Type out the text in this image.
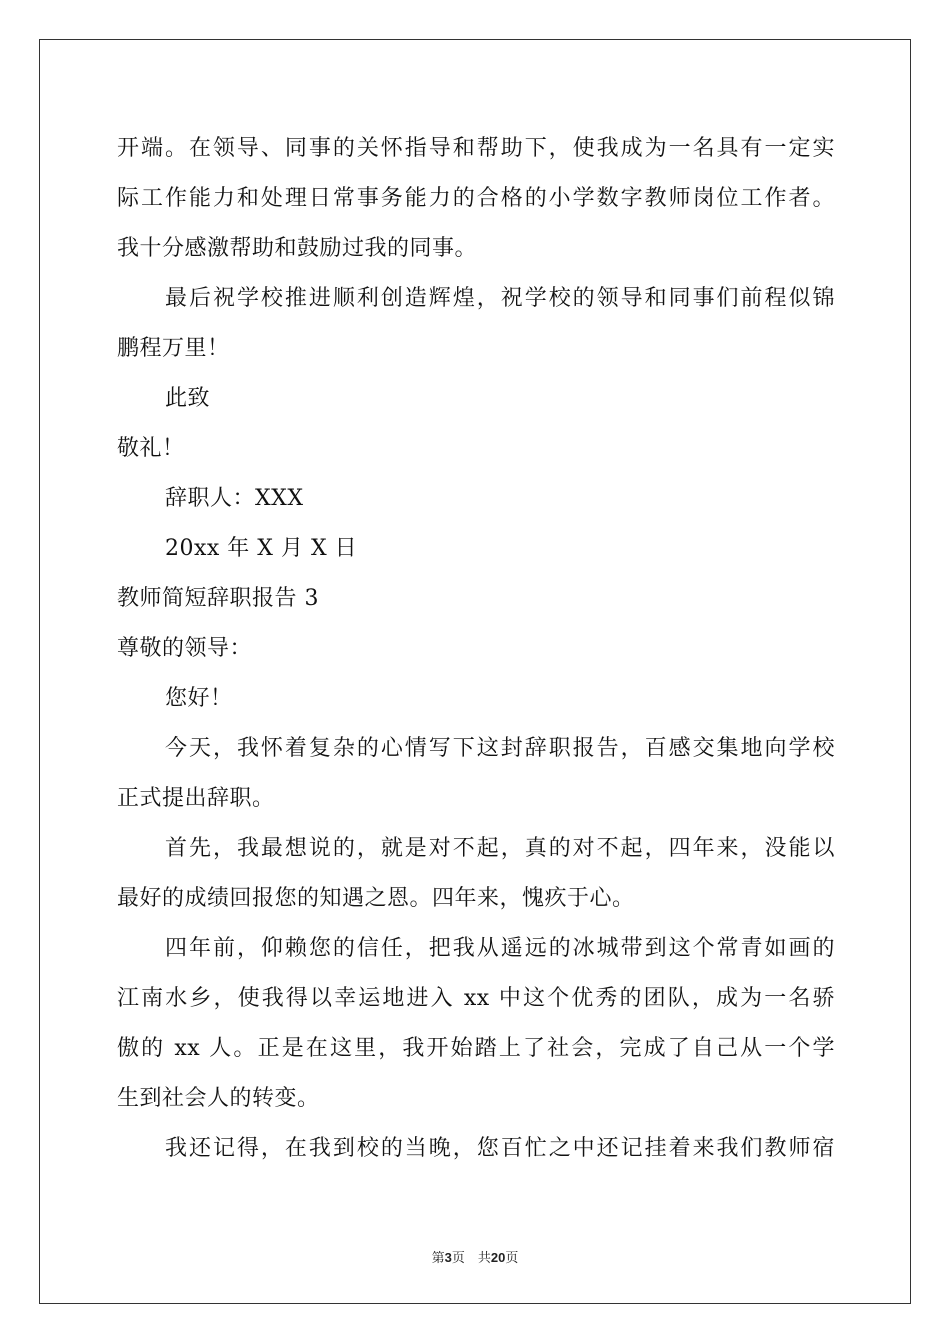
开端。在领导、同事的关怀指导和帮助下，使我成为一名具有一定实
际工作能力和处理日常事务能力的合格的小学数字教师岗位工作者。
我十分感激帮助和鼓励过我的同事。
最后祝学校推进顺利创造辉煌，祝学校的领导和同事们前程似锦
鹏程万里！
此致
敬礼！
辞职人：XXX
20xx 年 X 月 X 日
教师简短辞职报告 3
尊敬的领导：
您好！
今天，我怀着复杂的心情写下这封辞职报告，百感交集地向学校
正式提出辞职。
首先，我最想说的，就是对不起，真的对不起，四年来，没能以
最好的成绩回报您的知遇之恩。四年来，愧疚于心。
四年前，仰赖您的信任，把我从遥远的冰城带到这个常青如画的
江南水乡，使我得以幸运地进入 xx 中这个优秀的团队，成为一名骄
傲的 xx 人。正是在这里，我开始踏上了社会，完成了自己从一个学
生到社会人的转变。
我还记得，在我到校的当晚，您百忙之中还记挂着来我们教师宿
第3页　共20页
